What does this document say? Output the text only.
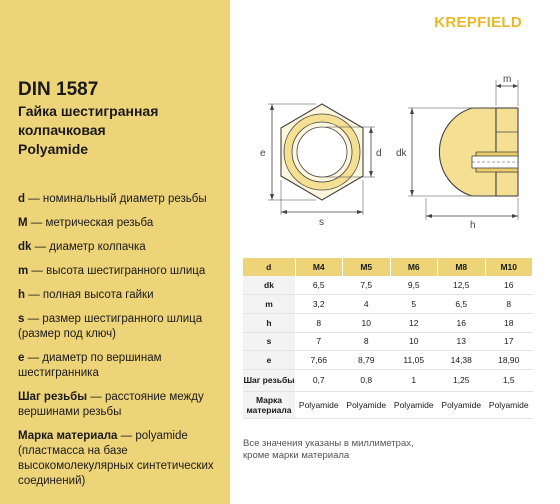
DIN 1587
Гайка шестигранная
колпачковая
Polyamide
d — номинальный диаметр резьбы
M — метрическая резьба
dk — диаметр колпачка
m — высота шестигранного шлица
h — полная высота гайки
s — размер шестигранного шлица (размер под ключ)
e — диаметр по вершинам шестигранника
Шаг резьбы — расстояние между вершинами резьбы
Марка материала — polyamide (пластмасса на базе высокомолекулярных синтетических соединений)
KREPFIELD
e	d
s
dk
m
h
d	M4	M5	M6	M8	M10
dk	6,5	7,5	9,5	12,5	16
m	3,2	4	5	6,5	8
h	8	10	12	16	18
s	7	8	10	13	17
e	7,66	8,79	11,05	14,38	18,90
Шаг резьбы	0,7	0,8	1	1,25	1,5
Марка
материала	Polyamide	Polyamide	Polyamide	Polyamide	Polyamide
Все значения указаны в миллиметрах,
кроме марки материала
